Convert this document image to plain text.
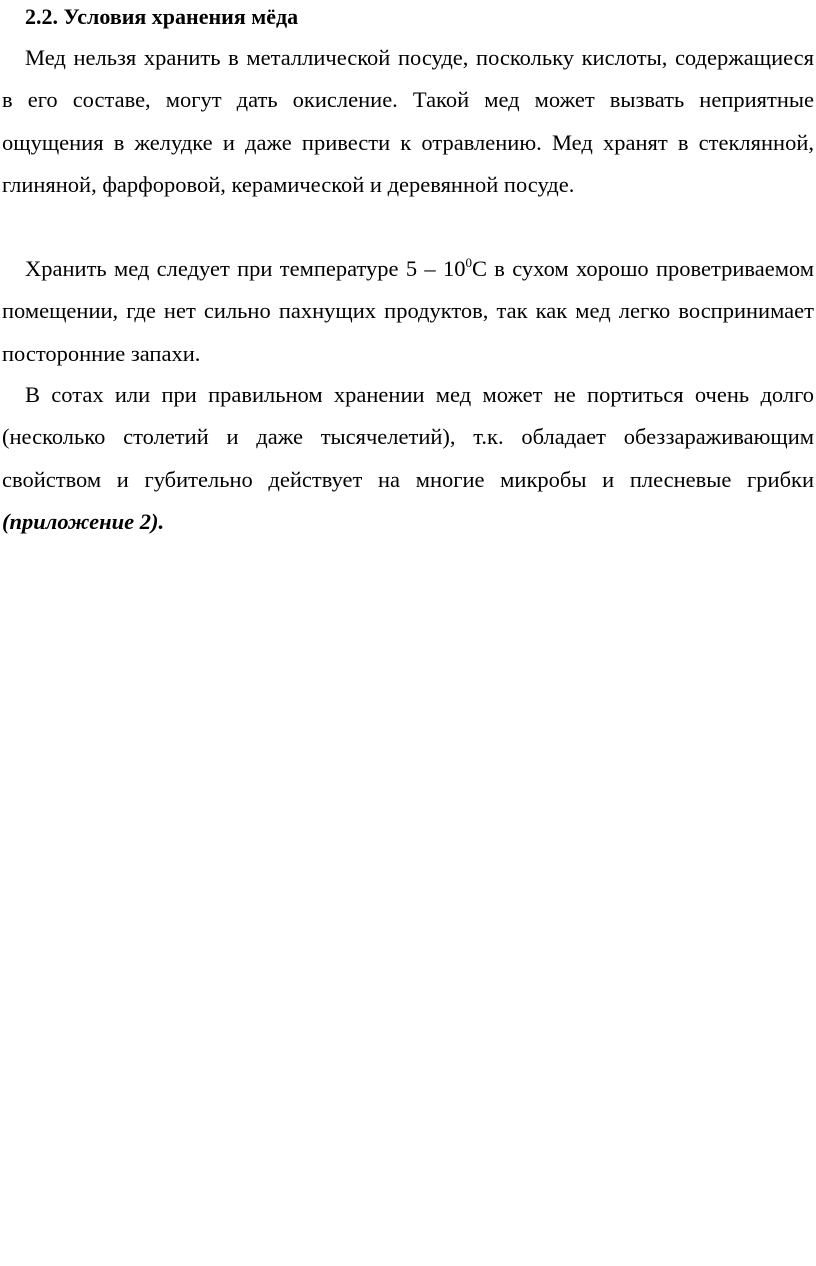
2.2. Условия хранения мёда

Мед нельзя хранить в металлической посуде, поскольку кислоты, содержащиеся в его составе, могут дать окисление. Такой мед может вызвать неприятные ощущения в желудке и даже привести к отравлению. Мед хранят в стеклянной, глиняной, фарфоровой, керамической и деревянной посуде.

Хранить мед следует при температуре $5 - 10^0С$ в сухом хорошо проветриваемом помещении, где нет сильно пахнущих продуктов, так как мед легко воспринимает посторонние запахи.

В сотах или при правильном хранении мед может не портиться очень долго (несколько столетий и даже тысячелетий), т.к. обладает обеззараживающим свойством и губительно действует на многие микробы и плесневые грибки (приложение 2).
